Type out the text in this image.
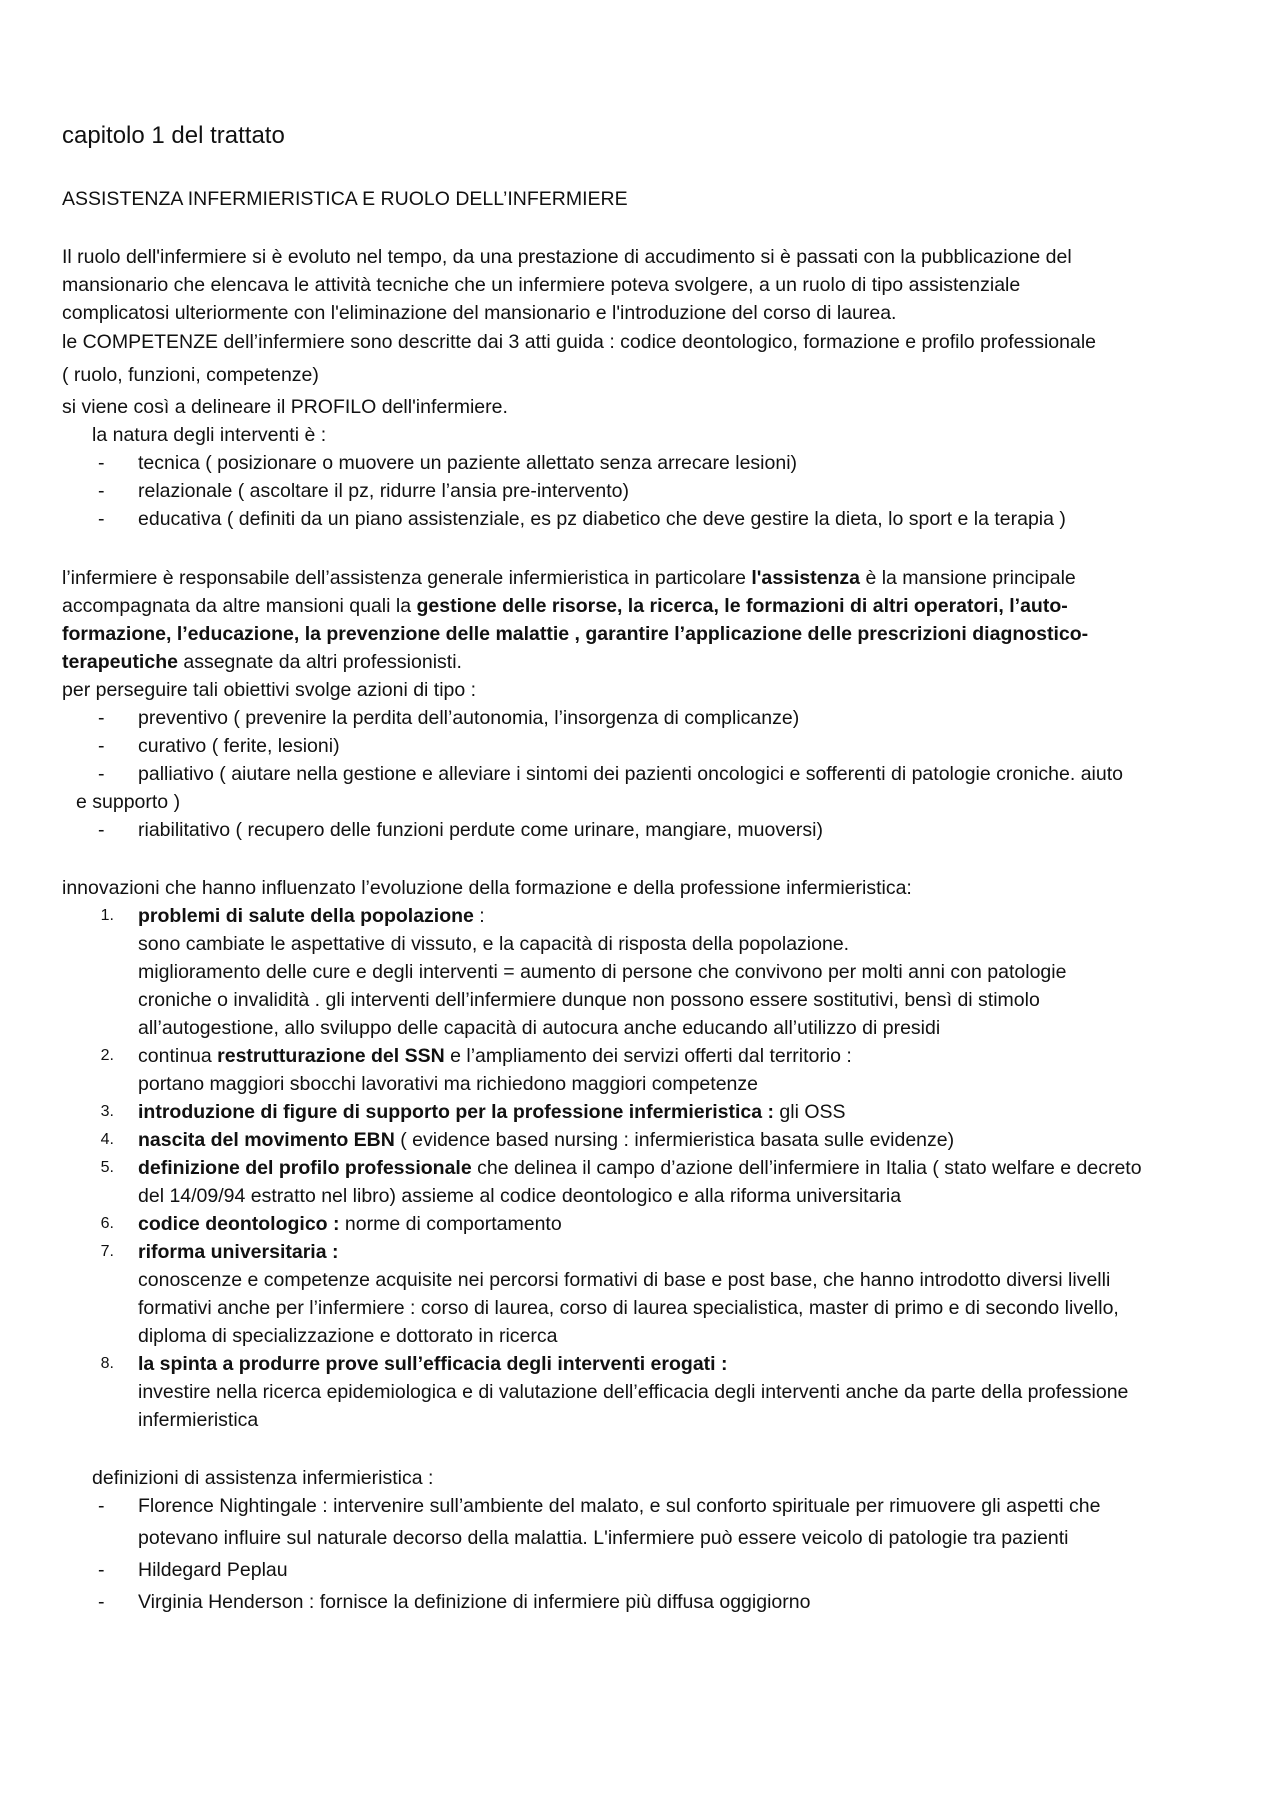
capitolo 1 del trattato
ASSISTENZA INFERMIERISTICA E RUOLO DELL’INFERMIERE
Il ruolo dell'infermiere si è evoluto nel tempo, da una prestazione di accudimento si è passati con la pubblicazione del
mansionario che elencava le attività tecniche che un infermiere poteva svolgere, a un ruolo di tipo assistenziale
complicatosi ulteriormente con l'eliminazione del mansionario e l'introduzione del corso di laurea.
le COMPETENZE dell’infermiere sono descritte dai 3 atti guida : codice deontologico, formazione e profilo professionale
( ruolo, funzioni, competenze)
si viene così a delineare il PROFILO dell'infermiere.
la natura degli interventi è :
- tecnica ( posizionare o muovere un paziente allettato senza arrecare lesioni)
- relazionale ( ascoltare il pz, ridurre l’ansia pre-intervento)
- educativa ( definiti da un piano assistenziale, es pz diabetico che deve gestire la dieta, lo sport e la terapia )
l’infermiere è responsabile dell’assistenza generale infermieristica in particolare l'assistenza è la mansione principale
accompagnata da altre mansioni quali la gestione delle risorse, la ricerca, le formazioni di altri operatori, l’auto-
formazione, l’educazione, la prevenzione delle malattie , garantire l’applicazione delle prescrizioni diagnostico-
terapeutiche assegnate da altri professionisti.
per perseguire tali obiettivi svolge azioni di tipo :
- preventivo ( prevenire la perdita dell’autonomia, l’insorgenza di complicanze)
- curativo ( ferite, lesioni)
- palliativo ( aiutare nella gestione e alleviare i sintomi dei pazienti oncologici e sofferenti di patologie croniche. aiuto
e supporto )
- riabilitativo ( recupero delle funzioni perdute come urinare, mangiare, muoversi)
innovazioni che hanno influenzato l’evoluzione della formazione e della professione infermieristica:
1. problemi di salute della popolazione :
sono cambiate le aspettative di vissuto, e la capacità di risposta della popolazione.
miglioramento delle cure e degli interventi = aumento di persone che convivono per molti anni con patologie
croniche o invalidità . gli interventi dell’infermiere dunque non possono essere sostitutivi, bensì di stimolo
all’autogestione, allo sviluppo delle capacità di autocura anche educando all’utilizzo di presidi
2. continua restrutturazione del SSN e l’ampliamento dei servizi offerti dal territorio :
portano maggiori sbocchi lavorativi ma richiedono maggiori competenze
3. introduzione di figure di supporto per la professione infermieristica : gli OSS
4. nascita del movimento EBN ( evidence based nursing : infermieristica basata sulle evidenze)
5. definizione del profilo professionale che delinea il campo d’azione dell’infermiere in Italia ( stato welfare e decreto
del 14/09/94 estratto nel libro) assieme al codice deontologico e alla riforma universitaria
6. codice deontologico : norme di comportamento
7. riforma universitaria :
conoscenze e competenze acquisite nei percorsi formativi di base e post base, che hanno introdotto diversi livelli
formativi anche per l’infermiere : corso di laurea, corso di laurea specialistica, master di primo e di secondo livello,
diploma di specializzazione e dottorato in ricerca
8. la spinta a produrre prove sull’efficacia degli interventi erogati :
investire nella ricerca epidemiologica e di valutazione dell’efficacia degli interventi anche da parte della professione
infermieristica
definizioni di assistenza infermieristica :
- Florence Nightingale : intervenire sull’ambiente del malato, e sul conforto spirituale per rimuovere gli aspetti che
potevano influire sul naturale decorso della malattia. L'infermiere può essere veicolo di patologie tra pazienti
- Hildegard Peplau
- Virginia Henderson : fornisce la definizione di infermiere più diffusa oggigiorno
